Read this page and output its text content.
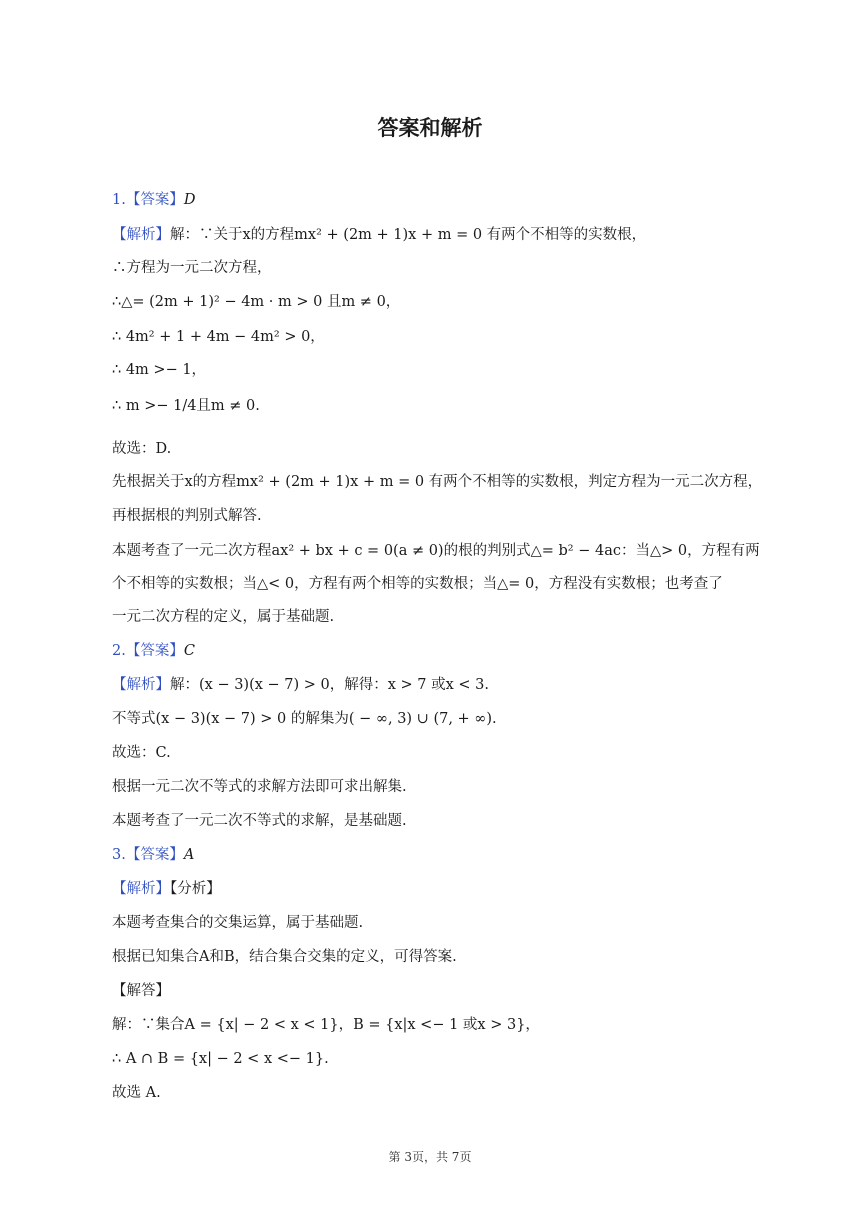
答案和解析
1.【答案】D
【解析】解：∵关于x的方程mx² + (2m + 1)x + m = 0 有两个不相等的实数根，
∴方程为一元二次方程，
∴△= (2m + 1)² − 4m · m > 0 且m ≠ 0，
∴ 4m² + 1 + 4m − 4m² > 0，
∴ 4m >− 1，
∴ m >− 1/4且m ≠ 0.
故选：D.
先根据关于x的方程mx² + (2m + 1)x + m = 0 有两个不相等的实数根，判定方程为一元二次方程，
再根据根的判别式解答.
本题考查了一元二次方程ax² + bx + c = 0(a ≠ 0)的根的判别式△= b² − 4ac：当△> 0，方程有两
个不相等的实数根；当△< 0，方程有两个相等的实数根；当△= 0，方程没有实数根；也考查了
一元二次方程的定义，属于基础题.
2.【答案】C
【解析】解：(x − 3)(x − 7) > 0，解得：x > 7 或x < 3.
不等式(x − 3)(x − 7) > 0 的解集为( − ∞, 3) ∪ (7, + ∞).
故选：C.
根据一元二次不等式的求解方法即可求出解集.
本题考查了一元二次不等式的求解，是基础题.
3.【答案】A
【解析】【分析】
本题考查集合的交集运算，属于基础题.
根据已知集合A和B，结合集合交集的定义，可得答案.
【解答】
解：∵集合A = {x| − 2 < x < 1}，B = {x|x <− 1 或x > 3}，
∴ A ∩ B = {x| − 2 < x <− 1}.
故选 A.
第 3页，共 7页
